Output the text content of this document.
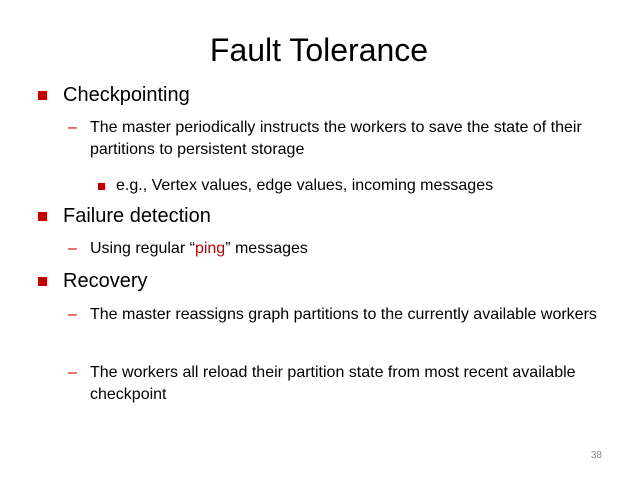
Fault Tolerance
Checkpointing
– The master periodically instructs the workers to save the state of their partitions to persistent storage
e.g., Vertex values, edge values, incoming messages
Failure detection
– Using regular “ping” messages
Recovery
– The master reassigns graph partitions to the currently available workers
– The workers all reload their partition state from most recent available checkpoint
38
